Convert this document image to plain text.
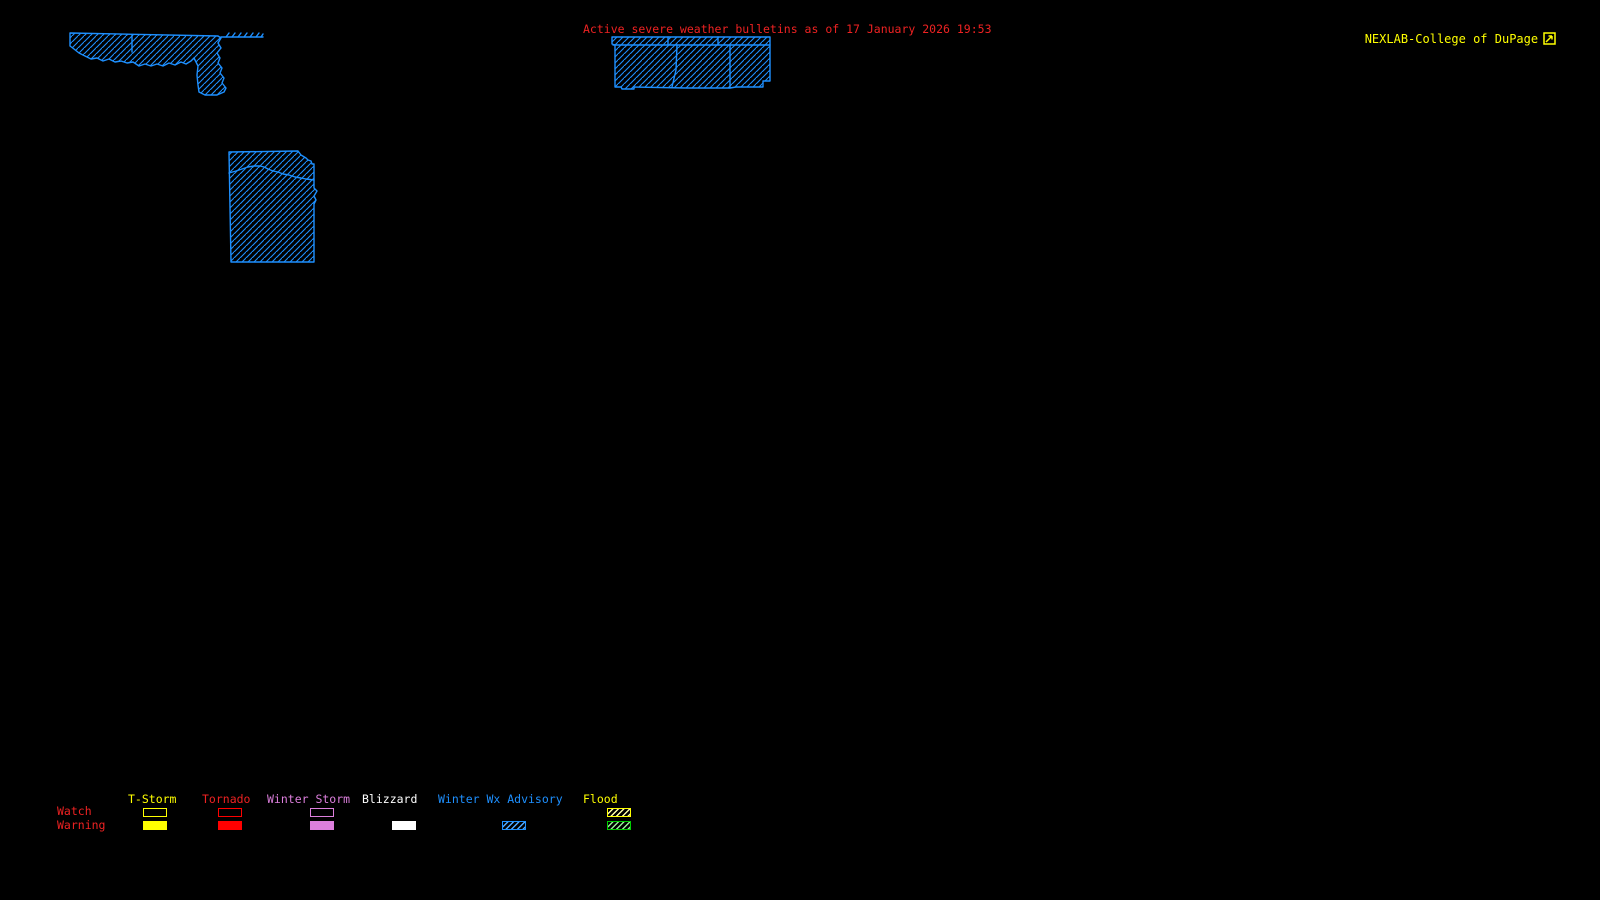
NEXLAB-College of DuPage

Active severe weather bulletins as of 17 January 2026 19:53
Watch
Warning
T-Storm Tornado Winter Storm Blizzard Winter Wx Advisory Flood
